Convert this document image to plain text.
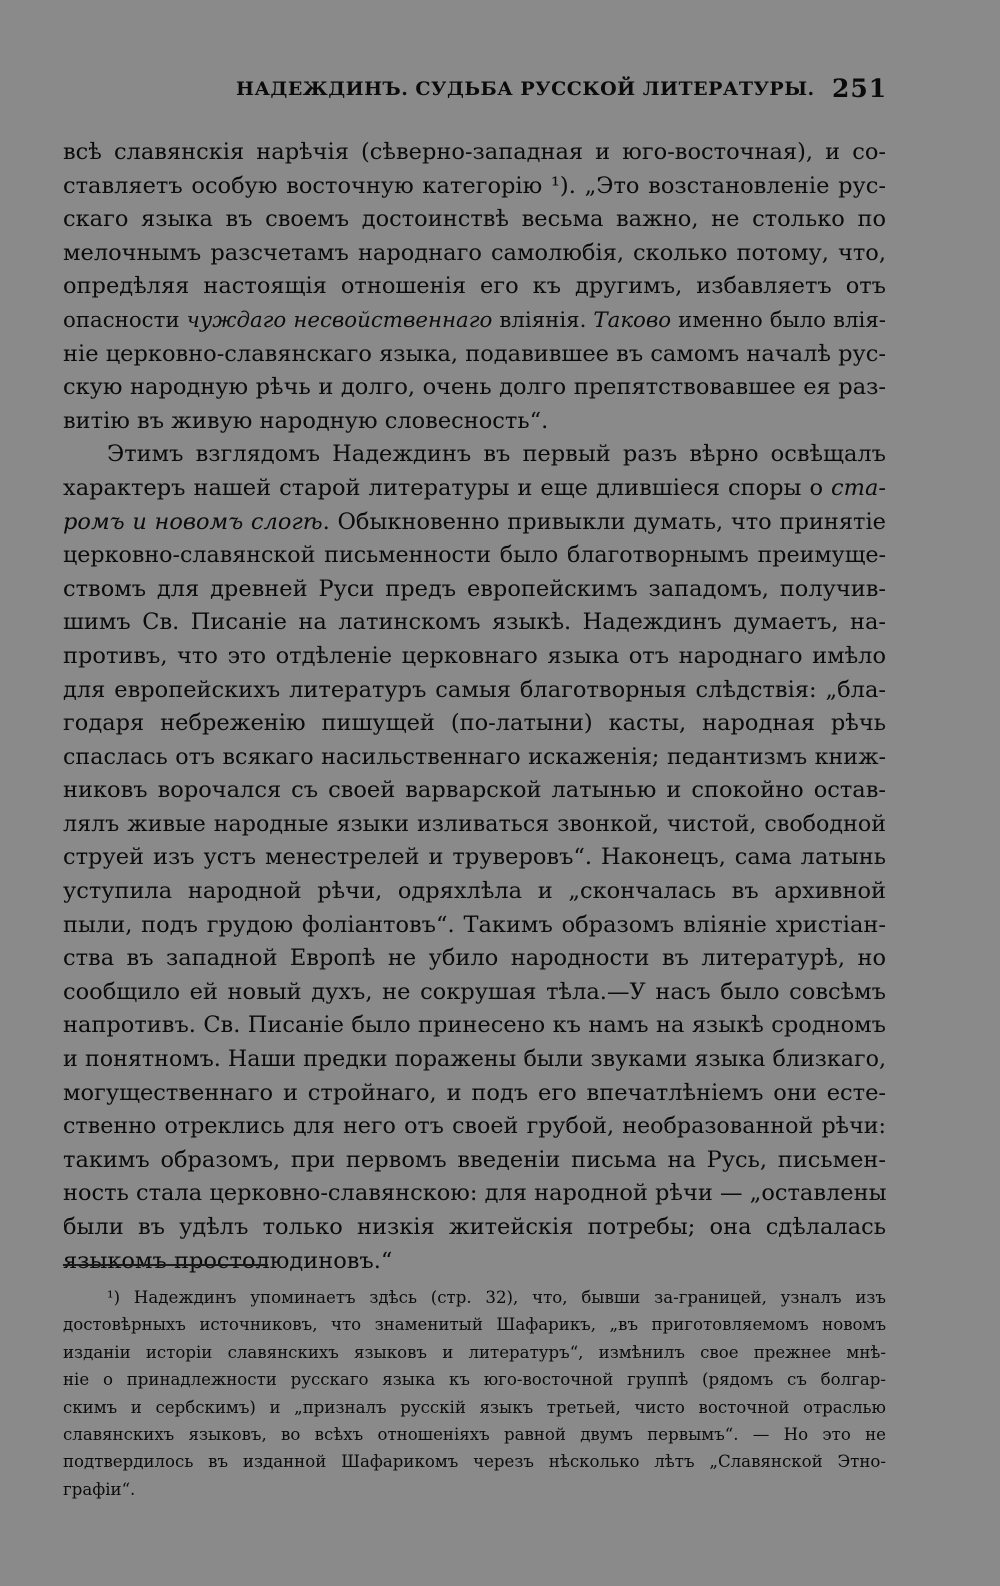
НАДЕЖДИНЪ. СУДЬБА РУССКОЙ ЛИТЕРАТУРЫ. 251
всѣ славянскія нарѣчія (сѣверно-западная и юго-восточная), и со-
ставляетъ особую восточную категорію ¹). „Это возстановленіе рус-
скаго языка въ своемъ достоинствѣ весьма важно, не столько по
мелочнымъ разсчетамъ народнаго самолюбія, сколько потому, что,
опредѣляя настоящія отношенія его къ другимъ, избавляетъ отъ
опасности чуждаго несвойственнаго вліянія. Таково именно было влія-
ніе церковно-славянскаго языка, подавившее въ самомъ началѣ рус-
скую народную рѣчь и долго, очень долго препятствовавшее ея раз-
витію въ живую народную словесность“.
Этимъ взглядомъ Надеждинъ въ первый разъ вѣрно освѣщалъ
характеръ нашей старой литературы и еще длившіеся споры о ста-
ромъ и новомъ слогѣ. Обыкновенно привыкли думать, что принятіе
церковно-славянской письменности было благотворнымъ преимуще-
ствомъ для древней Руси предъ европейскимъ западомъ, получив-
шимъ Св. Писаніе на латинскомъ языкѣ. Надеждинъ думаетъ, на-
противъ, что это отдѣленіе церковнаго языка отъ народнаго имѣло
для европейскихъ литературъ самыя благотворныя слѣдствія: „бла-
годаря небреженію пишущей (по-латыни) касты, народная рѣчь
спаслась отъ всякаго насильственнаго искаженія; педантизмъ книж-
никовъ ворочался съ своей варварской латынью и спокойно остав-
лялъ живые народные языки изливаться звонкой, чистой, свободной
струей изъ устъ менестрелей и труверовъ“. Наконецъ, сама латынь
уступила народной рѣчи, одряхлѣла и „скончалась въ архивной
пыли, подъ грудою фоліантовъ“. Такимъ образомъ вліяніе христіан-
ства въ западной Европѣ не убило народности въ литературѣ, но
сообщило ей новый духъ, не сокрушая тѣла.—У насъ было совсѣмъ
напротивъ. Св. Писаніе было принесено къ намъ на языкѣ сродномъ
и понятномъ. Наши предки поражены были звуками языка близкаго,
могущественнаго и стройнаго, и подъ его впечатлѣніемъ они есте-
ственно отреклись для него отъ своей грубой, необразованной рѣчи:
такимъ образомъ, при первомъ введеніи письма на Русь, письмен-
ность стала церковно-славянскою: для народной рѣчи — „оставлены
были въ удѣлъ только низкія житейскія потребы; она сдѣлалась
языкомъ простолюдиновъ.“
¹) Надеждинъ упоминаетъ здѣсь (стр. 32), что, бывши за-границей, узналъ изъ
достовѣрныхъ источниковъ, что знаменитый Шафарикъ, „въ приготовляемомъ новомъ
изданіи исторіи славянскихъ языковъ и литературъ“, измѣнилъ свое прежнее мнѣ-
ніе о принадлежности русскаго языка къ юго-восточной группѣ (рядомъ съ болгар-
скимъ и сербскимъ) и „призналъ русскій языкъ третьей, чисто восточной отраслью
славянскихъ языковъ, во всѣхъ отношеніяхъ равной двумъ первымъ“. — Но это не
подтвердилось въ изданной Шафарикомъ черезъ нѣсколько лѣтъ „Славянской Этно-
графіи“.
